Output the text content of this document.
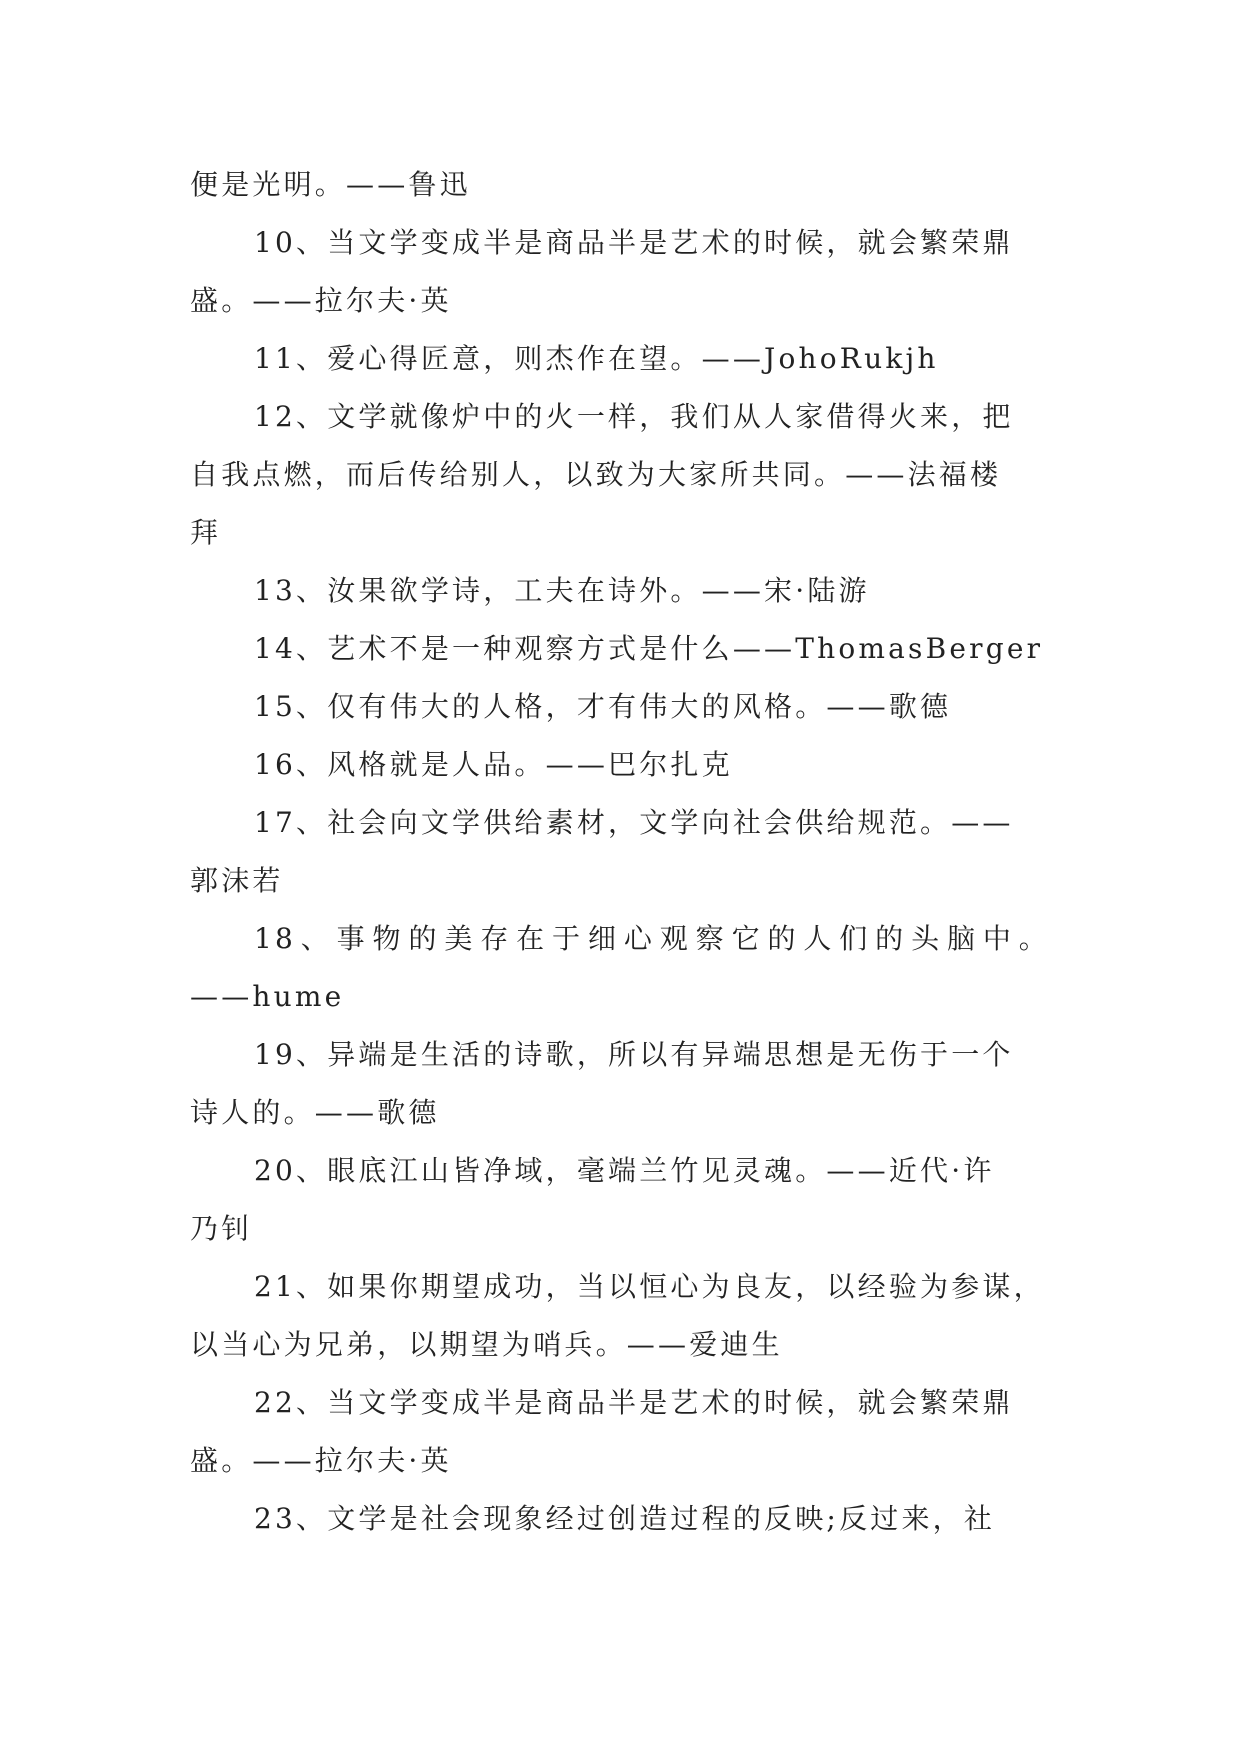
便是光明。——鲁迅
10、当文学变成半是商品半是艺术的时候，就会繁荣鼎
盛。——拉尔夫·英
11、爱心得匠意，则杰作在望。——JohoRukjh
12、文学就像炉中的火一样，我们从人家借得火来，把
自我点燃，而后传给别人，以致为大家所共同。——法福楼
拜
13、汝果欲学诗，工夫在诗外。——宋·陆游
14、艺术不是一种观察方式是什么——ThomasBerger
15、仅有伟大的人格，才有伟大的风格。——歌德
16、风格就是人品。——巴尔扎克
17、社会向文学供给素材，文学向社会供给规范。——
郭沫若
18、事物的美存在于细心观察它的人们的头脑中。
——hume
19、异端是生活的诗歌，所以有异端思想是无伤于一个
诗人的。——歌德
20、眼底江山皆净域，毫端兰竹见灵魂。——近代·许
乃钊
21、如果你期望成功，当以恒心为良友，以经验为参谋，
以当心为兄弟，以期望为哨兵。——爱迪生
22、当文学变成半是商品半是艺术的时候，就会繁荣鼎
盛。——拉尔夫·英
23、文学是社会现象经过创造过程的反映;反过来，社
